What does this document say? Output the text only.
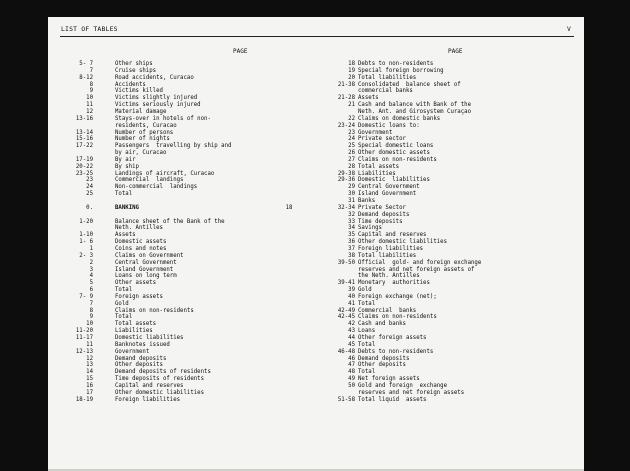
LIST OF TABLES	V
PAGE	PAGE
5- 7	Other ships
7	Cruise ships
8-12	Road accidents, Curacao
8	Accidents
9	Victims killed
10	Victims slightly injured
11	Victims seriously injured
12	Material damage
13-16	Stays-over in hotels of non-
residents, Curacao
13-14	Number of persons
15-16	Number of nights
17-22	Passengers  travelling by ship and
by air, Curacao
17-19	By air
20-22	By ship
23-25	Landings of aircraft, Curacao
23	Commercial  landings
24	Non-commercial  landings
25	Total
0.	BANKING	18
1-20	Balance sheet of the Bank of the
Neth. Antilles
1-10	Assets
1- 6	Domestic assets
1	Coins and notes
2- 3	Claims on Government
2	Central Government
3	Island Government
4	Loans on long term
5	Other assets
6	Total
7- 9	Foreign assets
7	Gold
8	Claims on non-residents
9	Total
10	Total assets
11-20	Liabilities
11-17	Domestic liabilities
11	Banknotes issued
12-13	Government
12	Demand deposits
13	Other deposits
14	Demand deposits of residents
15	Time deposits of residents
16	Capital and reserves
17	Other domestic liabilities
18-19	Foreign liabilities
18 Debts to non-residents
19 Special foreign borrowing
20 Total liabilities
21-38 Consolidated  balance sheet of
commercial banks
21-28 Assets
21 Cash and balance with Bank of the
Neth. Ant. and Girosystem Curaçao
22 Claims on domestic banks
23-24 Domestic loans to:
23 Government
24 Private sector
25 Special domestic loans
26 Other domestic assets
27 Claims on non-residents
28 Total assets
29-38 Liabilities
29-36 Domestic  liabilities
29 Central Government
30 Island Government
31 Banks
32-34 Private Sector
32 Demand deposits
33 Time deposits
34 Savings
35 Capital and reserves
36 Other domestic liabilities
37 Foreign liabilities
38 Total liabilities
39-50 Official  gold- and foreign exchange
reserves and net foreign assets of
the Neth. Antilles
39-41 Monetary  authorities
39 Gold
40 Foreign exchange (net);
41 Total
42-49 Commercial  banks
42-45 Claims on non-residents
42 Cash and banks
43 Loans
44 Other foreign assets
45 Total
46-48 Debts to non-residents
46 Demand deposits
47 Other deposits
48 Total
49 Net foreign assets
50 Gold and foreign  exchange
reserves and net foreign assets
51-58 Total liquid  assets
